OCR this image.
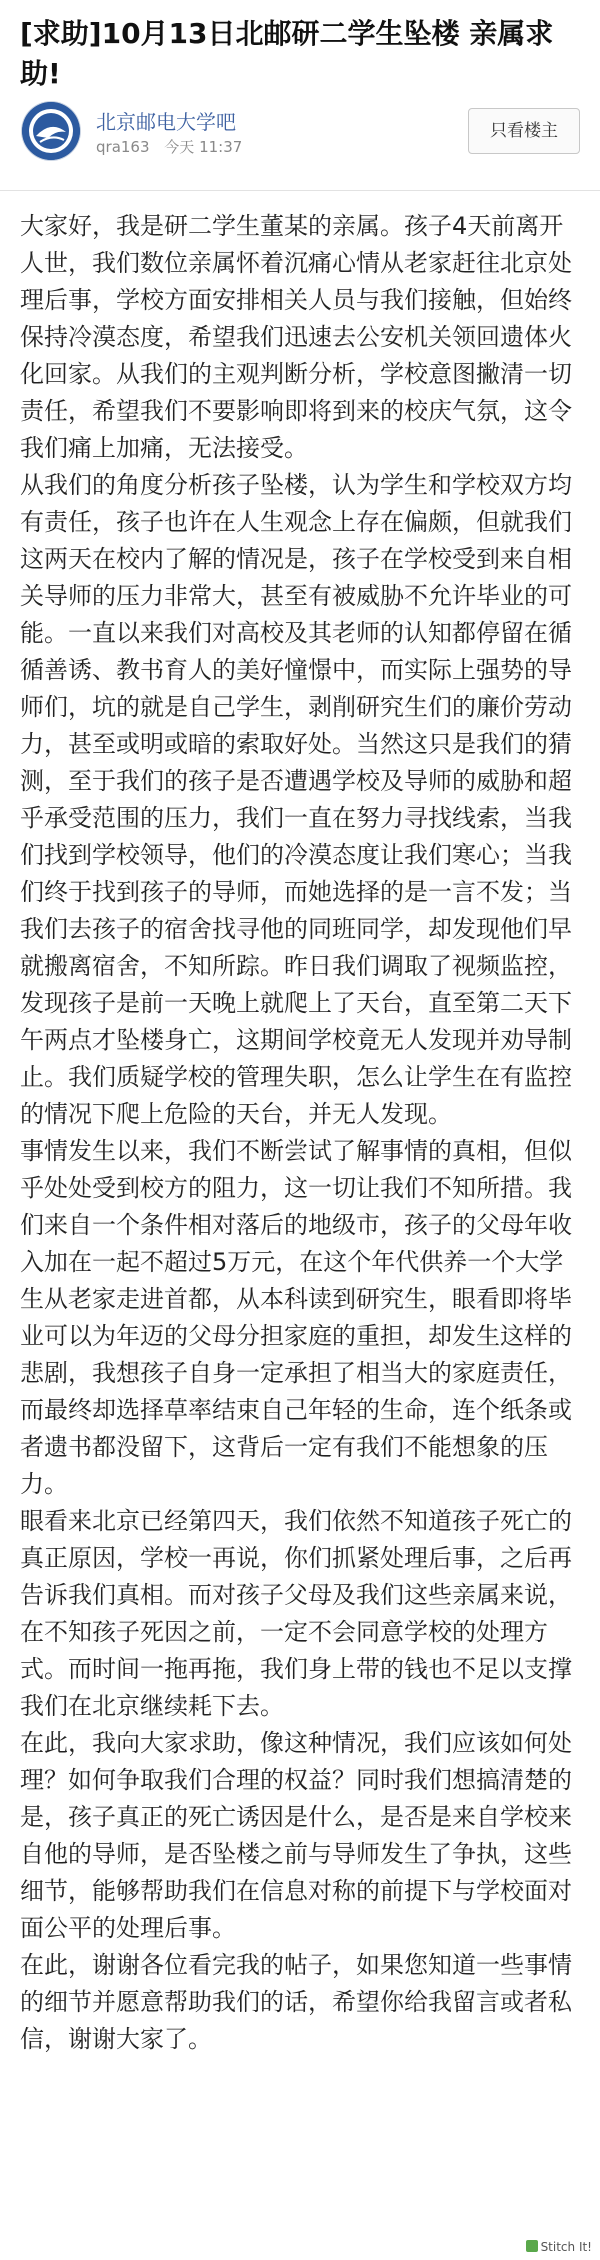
[求助]10月13日北邮研二学生坠楼 亲属求助!
北京邮电大学吧
qra163 今天 11:37
只看楼主

大家好，我是研二学生董某的亲属。孩子4天前离开人世，我们数位亲属怀着沉痛心情从老家赶往北京处理后事，学校方面安排相关人员与我们接触，但始终保持冷漠态度，希望我们迅速去公安机关领回遗体火化回家。从我们的主观判断分析，学校意图撇清一切责任，希望我们不要影响即将到来的校庆气氛，这令我们痛上加痛，无法接受。

从我们的角度分析孩子坠楼，认为学生和学校双方均有责任，孩子也许在人生观念上存在偏颇，但就我们这两天在校内了解的情况是，孩子在学校受到来自相关导师的压力非常大，甚至有被威胁不允许毕业的可能。一直以来我们对高校及其老师的认知都停留在循循善诱、教书育人的美好憧憬中，而实际上强势的导师们，坑的就是自己学生，剥削研究生们的廉价劳动力，甚至或明或暗的索取好处。当然这只是我们的猜测，至于我们的孩子是否遭遇学校及导师的威胁和超乎承受范围的压力，我们一直在努力寻找线索，当我们找到学校领导，他们的冷漠态度让我们寒心；当我们终于找到孩子的导师，而她选择的是一言不发；当我们去孩子的宿舍找寻他的同班同学，却发现他们早就搬离宿舍，不知所踪。昨日我们调取了视频监控，发现孩子是前一天晚上就爬上了天台，直至第二天下午两点才坠楼身亡，这期间学校竟无人发现并劝导制止。我们质疑学校的管理失职，怎么让学生在有监控的情况下爬上危险的天台，并无人发现。

事情发生以来，我们不断尝试了解事情的真相，但似乎处处受到校方的阻力，这一切让我们不知所措。我们来自一个条件相对落后的地级市，孩子的父母年收入加在一起不超过5万元，在这个年代供养一个大学生从老家走进首都，从本科读到研究生，眼看即将毕业可以为年迈的父母分担家庭的重担，却发生这样的悲剧，我想孩子自身一定承担了相当大的家庭责任，而最终却选择草率结束自己年轻的生命，连个纸条或者遗书都没留下，这背后一定有我们不能想象的压力。

眼看来北京已经第四天，我们依然不知道孩子死亡的真正原因，学校一再说，你们抓紧处理后事，之后再告诉我们真相。而对孩子父母及我们这些亲属来说，在不知孩子死因之前，一定不会同意学校的处理方式。而时间一拖再拖，我们身上带的钱也不足以支撑我们在北京继续耗下去。

在此，我向大家求助，像这种情况，我们应该如何处理？如何争取我们合理的权益？同时我们想搞清楚的是，孩子真正的死亡诱因是什么，是否是来自学校来自他的导师，是否坠楼之前与导师发生了争执，这些细节，能够帮助我们在信息对称的前提下与学校面对面公平的处理后事。

在此，谢谢各位看完我的帖子，如果您知道一些事情的细节并愿意帮助我们的话，希望你给我留言或者私信，谢谢大家了。

Stitch It!
